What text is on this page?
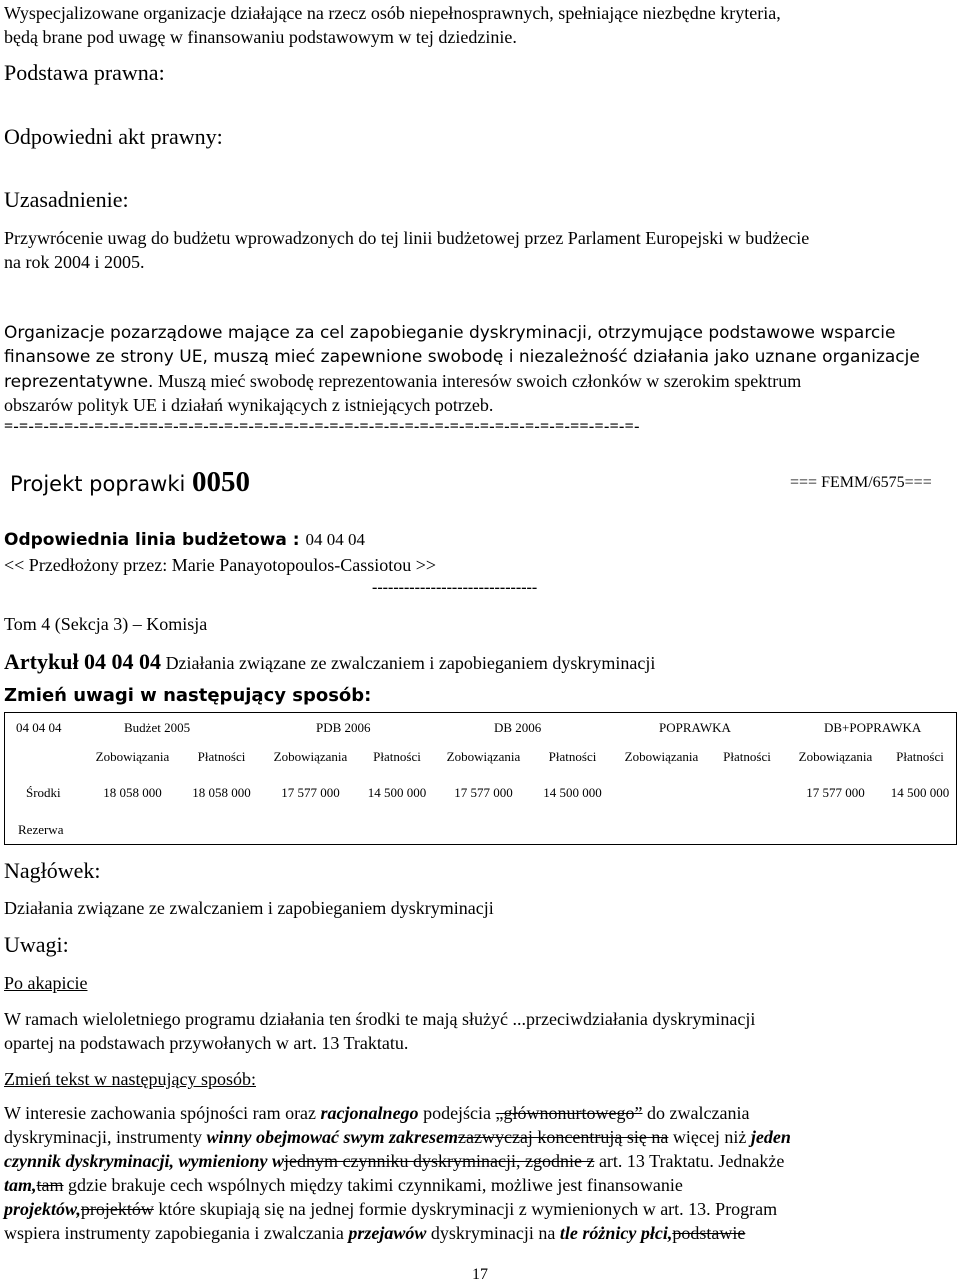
Wyspecjalizowane organizacje działające na rzecz osób niepełnosprawnych, spełniające niezbędne kryteria,
będą brane pod uwagę w finansowaniu podstawowym w tej dziedzinie.
Podstawa prawna:
Odpowiedni akt prawny:
Uzasadnienie:
Przywrócenie uwag do budżetu wprowadzonych do tej linii budżetowej przez Parlament Europejski w budżecie
na rok 2004 i 2005.
Organizacje pozarządowe mające za cel zapobieganie dyskryminacji, otrzymujące podstawowe wsparcie
finansowe ze strony UE, muszą mieć zapewnione swobodę i niezależność działania jako uznane organizacje
reprezentatywne. Muszą mieć swobodę reprezentowania interesów swoich członków w szerokim spektrum
obszarów polityk UE i działań wynikających z istniejących potrzeb.
=-=-=-=-=-=-=-=-=-==-=-=-=-=-=-=-=-=-=-=-=-=-=-=-=-=-=-=-=-=-=-=-=-=-=-=-=-==-=-=-=-
Projekt poprawki 0050	=== FEMM/6575===
Odpowiednia linia budżetowa : 04 04 04
<< Przedłożony przez: Marie Panayotopoulos-Cassiotou >>
-------------------------------
Tom 4 (Sekcja 3) – Komisja
Artykuł 04 04 04 Działania związane ze zwalczaniem i zapobieganiem dyskryminacji
Zmień uwagi w następujący sposób:
04 04 04	Budżet 2005		PDB 2006		DB 2006		POPRAWKA		DB+POPRAWKA	
	Zobowiązania	Płatności	Zobowiązania	Płatności	Zobowiązania	Płatności	Zobowiązania	Płatności	Zobowiązania	Płatności
Środki	18 058 000	18 058 000	17 577 000	14 500 000	17 577 000	14 500 000			17 577 000	14 500 000
Rezerwa										
Nagłówek:
Działania związane ze zwalczaniem i zapobieganiem dyskryminacji
Uwagi:
Po akapicie
W ramach wieloletniego programu działania ten środki te mają służyć ...przeciwdziałania dyskryminacji
opartej na podstawach przywołanych w art. 13 Traktatu.
Zmień tekst w następujący sposób:
W interesie zachowania spójności ram oraz racjonalnego podejścia „głównonurtowego” do zwalczania
dyskryminacji, instrumenty winny obejmować swym zakresemzazwyczaj koncentrują się na więcej niż jeden
czynnik dyskryminacji, wymieniony wjednym czynniku dyskryminacji, zgodnie z art. 13 Traktatu. Jednakże
tam,tam gdzie brakuje cech wspólnych między takimi czynnikami, możliwe jest finansowanie
projektów,projektów które skupiają się na jednej formie dyskryminacji z wymienionych w art. 13. Program
wspiera instrumenty zapobiegania i zwalczania przejawów dyskryminacji na tle różnicy płci,podstawie
17
